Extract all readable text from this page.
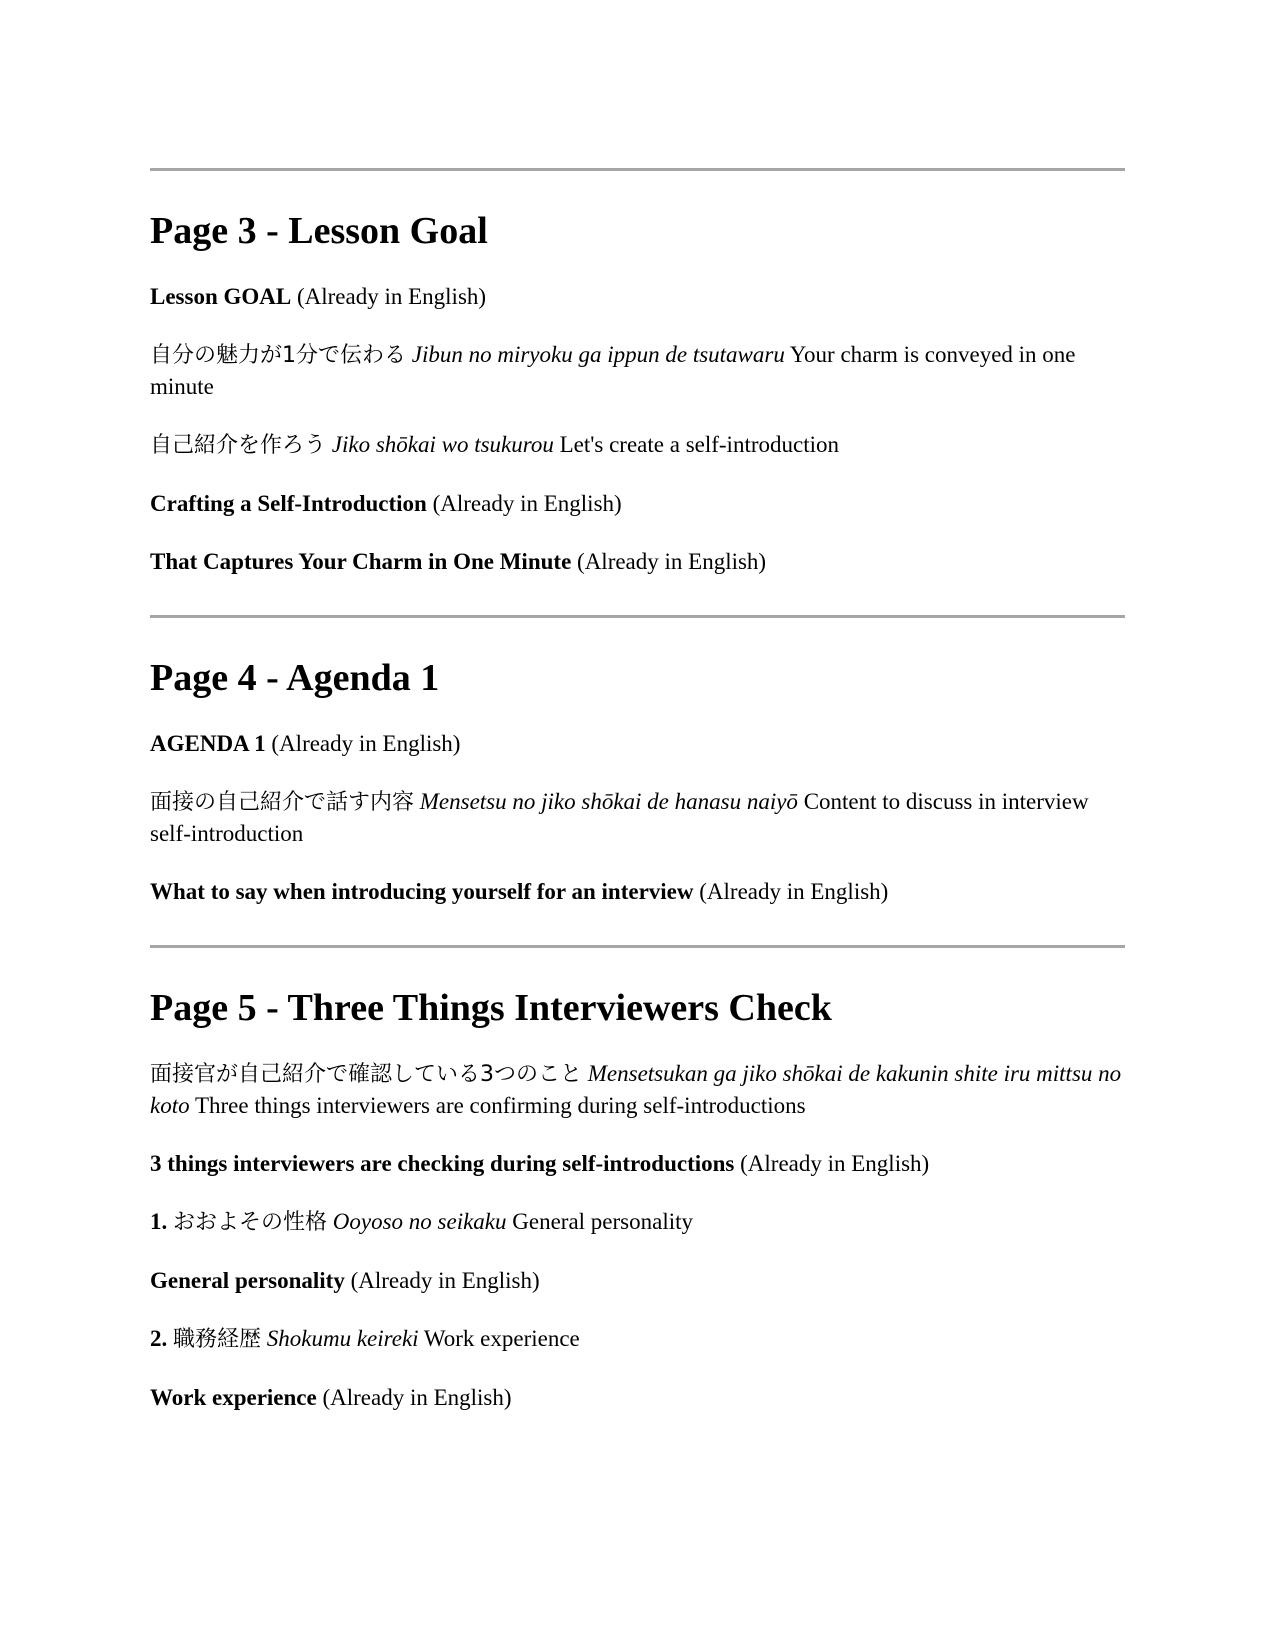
Page 3 - Lesson Goal

Lesson GOAL (Already in English)

自分の魅力が1分で伝わる Jibun no miryoku ga ippun de tsutawaru Your charm is conveyed in one minute

自己紹介を作ろう Jiko shōkai wo tsukurou Let's create a self-introduction

Crafting a Self-Introduction (Already in English)

That Captures Your Charm in One Minute (Already in English)

Page 4 - Agenda 1

AGENDA 1 (Already in English)

面接の自己紹介で話す内容 Mensetsu no jiko shōkai de hanasu naiyō Content to discuss in interview self-introduction

What to say when introducing yourself for an interview (Already in English)

Page 5 - Three Things Interviewers Check

面接官が自己紹介で確認している3つのこと Mensetsukan ga jiko shōkai de kakunin shite iru mittsu no koto Three things interviewers are confirming during self-introductions

3 things interviewers are checking during self-introductions (Already in English)

1. おおよその性格 Ooyoso no seikaku General personality

General personality (Already in English)

2. 職務経歴 Shokumu keireki Work experience

Work experience (Already in English)
